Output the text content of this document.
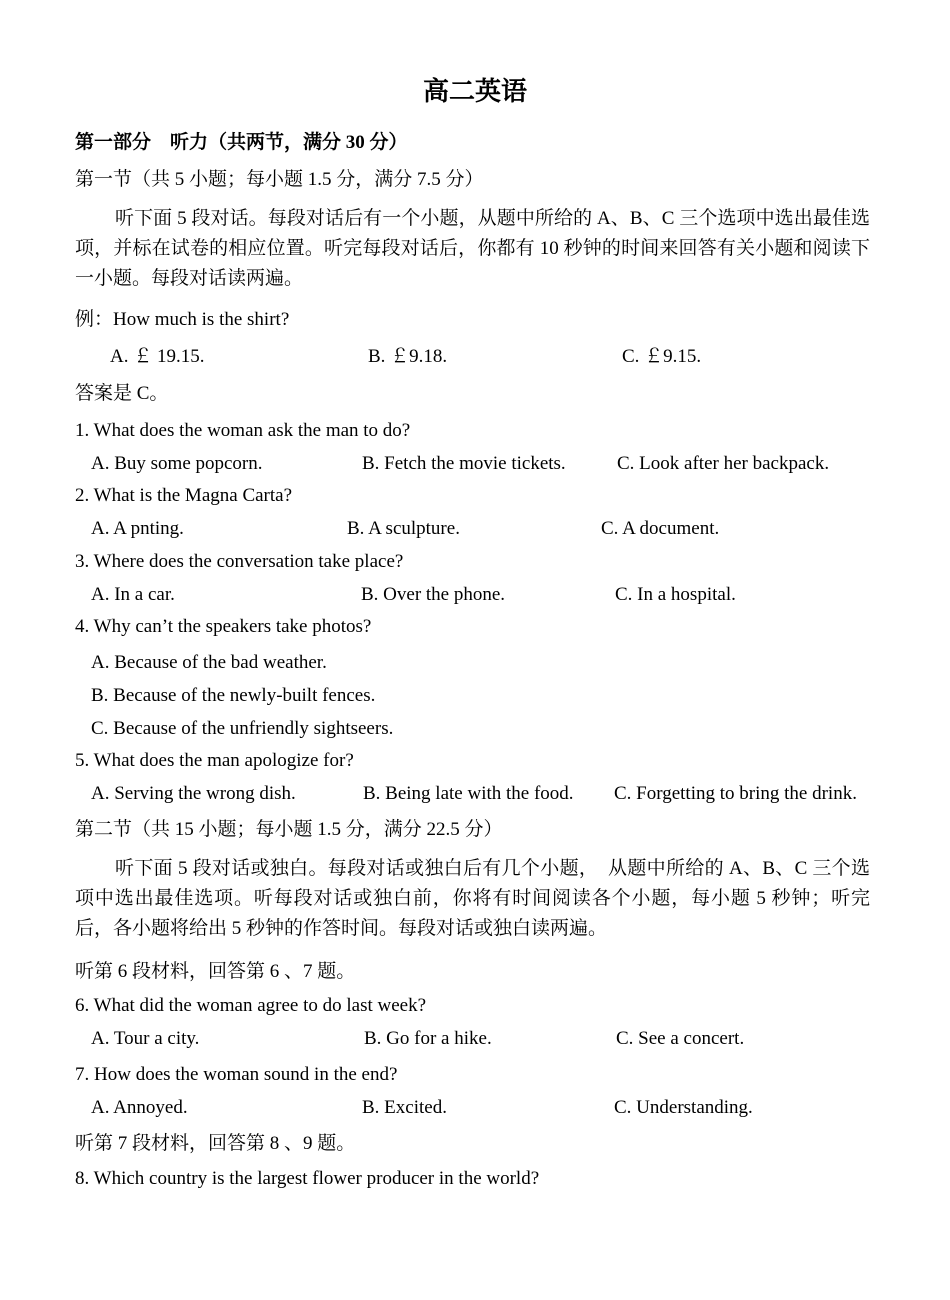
高二英语
第一部分　听力（共两节，满分 30 分）
第一节（共 5 小题；每小题 1.5 分，满分 7.5 分）
听下面 5 段对话。每段对话后有一个小题，从题中所给的 A、B、C 三个选项中选出最佳选项，并标在试卷的相应位置。听完每段对话后，你都有 10 秒钟的时间来回答有关小题和阅读下一小题。每段对话读两遍。
例：How much is the shirt?
A. ￡ 19.15.	B. ￡9.18.	C. ￡9.15.
答案是 C。
1. What does the woman ask the man to do?
A. Buy some popcorn.	B. Fetch the movie tickets.	C. Look after her backpack.
2. What is the Magna Carta?
A. A pnting.	B. A sculpture.	C. A document.
3. Where does the conversation take place?
A. In a car.	B. Over the phone.	C. In a hospital.
4. Why can’t the speakers take photos?
A. Because of the bad weather.
B. Because of the newly-built fences.
C. Because of the unfriendly sightseers.
5. What does the man apologize for?
A. Serving the wrong dish.	B. Being late with the food. C. Forgetting to bring the drink.
第二节（共 15 小题；每小题 1.5 分，满分 22.5 分）
听下面 5 段对话或独白。每段对话或独白后有几个小题，　从题中所给的 A、B、C 三个选项中选出最佳选项。听每段对话或独白前，你将有时间阅读各个小题，每小题 5 秒钟；听完后，各小题将给出 5 秒钟的作答时间。每段对话或独白读两遍。
听第 6 段材料，回答第 6 、7 题。
6. What did the woman agree to do last week?
A. Tour a city.	B. Go for a hike.	C. See a concert.
7. How does the woman sound in the end?
A. Annoyed.	B. Excited.	C. Understanding.
听第 7 段材料，回答第 8 、9 题。
8. Which country is the largest flower producer in the world?
